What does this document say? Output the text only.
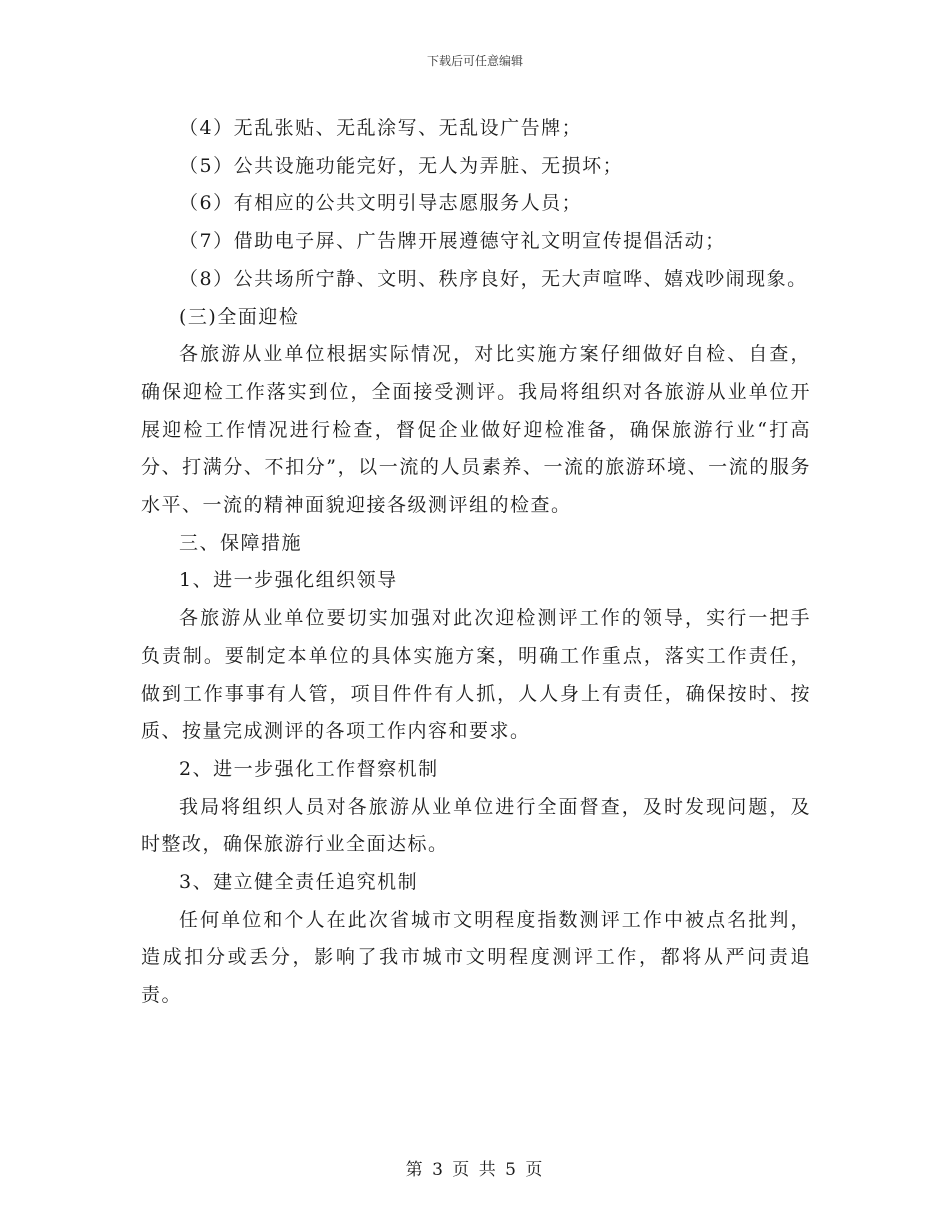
下载后可任意编辑

（4）无乱张贴、无乱涂写、无乱设广告牌；

（5）公共设施功能完好，无人为弄脏、无损坏；

（6）有相应的公共文明引导志愿服务人员；

（7）借助电子屏、广告牌开展遵德守礼文明宣传提倡活动；

（8）公共场所宁静、文明、秩序良好，无大声喧哗、嬉戏吵闹现象。

(三)全面迎检

各旅游从业单位根据实际情况，对比实施方案仔细做好自检、自查，确保迎检工作落实到位，全面接受测评。我局将组织对各旅游从业单位开展迎检工作情况进行检查，督促企业做好迎检准备，确保旅游行业“打高分、打满分、不扣分”，以一流的人员素养、一流的旅游环境、一流的服务水平、一流的精神面貌迎接各级测评组的检查。

三、保障措施

1、进一步强化组织领导

各旅游从业单位要切实加强对此次迎检测评工作的领导，实行一把手负责制。要制定本单位的具体实施方案，明确工作重点，落实工作责任，做到工作事事有人管，项目件件有人抓，人人身上有责任，确保按时、按质、按量完成测评的各项工作内容和要求。

2、进一步强化工作督察机制

我局将组织人员对各旅游从业单位进行全面督查，及时发现问题，及时整改，确保旅游行业全面达标。

3、建立健全责任追究机制

任何单位和个人在此次省城市文明程度指数测评工作中被点名批判，造成扣分或丢分，影响了我市城市文明程度测评工作，都将从严问责追责。

第 3 页 共 5 页
